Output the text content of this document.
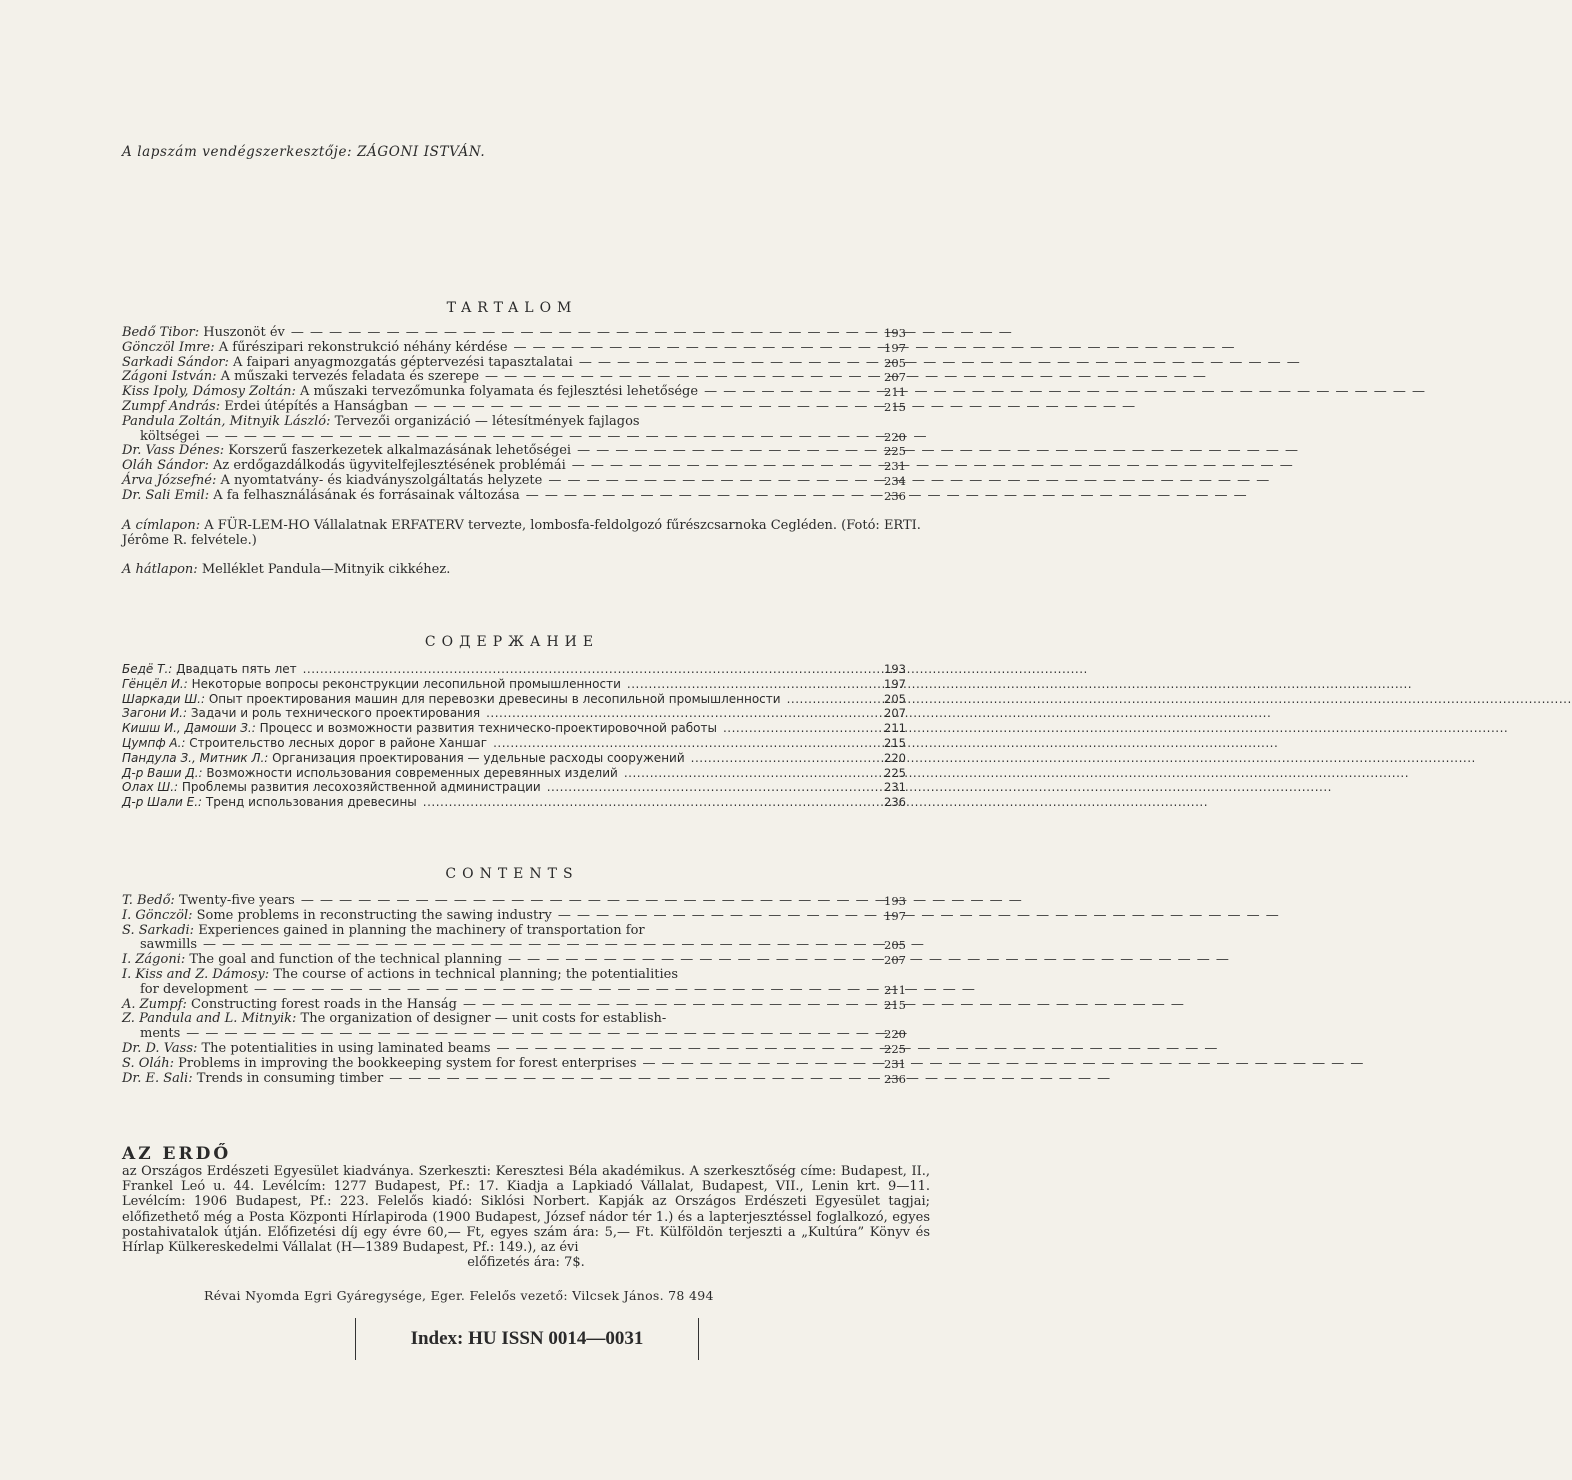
A lapszám vendégszerkesztője: ZÁGONI ISTVÁN.
TARTALOM
Bedő Tibor: Huszonöt év — — —	193
Gönczöl Imre: A fűrészipari rekonstrukció néhány kérdése — — —	197
Sarkadi Sándor: A faipari anyagmozgatás géptervezési tapasztalatai — — —	205
Zágoni István: A műszaki tervezés feladata és szerepe — — —	207
Kiss Ipoly, Dámosy Zoltán: A műszaki tervezőmunka folyamata és fejlesztési lehetősége — — —	211
Zumpf András: Erdei útépítés a Hanságban — — —	215
Pandula Zoltán, Mitnyik László: Tervezői organizáció — létesítmények fajlagos
költségei — — —	220
Dr. Vass Dénes: Korszerű faszerkezetek alkalmazásának lehetőségei — — —	225
Oláh Sándor: Az erdőgazdálkodás ügyvitelfejlesztésének problémái — — —	231
Árva Józsefné: A nyomtatvány- és kiadványszolgáltatás helyzete — — —	234
Dr. Sali Emil: A fa felhasználásának és forrásainak változása — — —	236
A címlapon: A FÜR-LEM-HO Vállalatnak ERFATERV tervezte, lombosfa-feldolgozó fűrészcsarnoka Cegléden. (Fotó: ERTI. Jérôme R. felvétele.)
A hátlapon: Melléklet Pandula—Mitnyik cikkéhez.
СОДЕРЖАНИЕ
Бедё Т.: Двадцать пять лет .....	193
Гёнцёл И.: Некоторые вопросы реконструкции лесопильной промышленности .....	197
Шаркади Ш.: Опыт проектирования машин для перевозки древесины в лесопильной промышленности .....	205
Загони И.: Задачи и роль технического проектирования .....	207
Кишш И., Дамоши З.: Процесс и возможности развития техническо-проектировочной работы .....	211
Цумпф А.: Строительство лесных дорог в районе Ханшаг .....	215
Пандула З., Митник Л.: Организация проектирования — удельные расходы сооружений .....	220
Д-р Ваши Д.: Возможности использования современных деревянных изделий .....	225
Олах Ш.: Проблемы развития лесохозяйственной администрации .....	231
Д-р Шали Е.: Тренд использования древесины .....	236
CONTENTS
T. Bedő: Twenty-five years — — —	193
I. Gönczöl: Some problems in reconstructing the sawing industry — — —	197
S. Sarkadi: Experiences gained in planning the machinery of transportation for
sawmills — — —	205
I. Zágoni: The goal and function of the technical planning — — —	207
I. Kiss and Z. Dámosy: The course of actions in technical planning; the potentialities
for development — — —	211
A. Zumpf: Constructing forest roads in the Hanság — — —	215
Z. Pandula and L. Mitnyik: The organization of designer — unit costs for establish-
ments — — —	220
Dr. D. Vass: The potentialities in using laminated beams — — —	225
S. Oláh: Problems in improving the bookkeeping system for forest enterprises — — —	231
Dr. E. Sali: Trends in consuming timber — — —	236
AZ ERDŐ
az Országos Erdészeti Egyesület kiadványa. Szerkeszti: Keresztesi Béla akadémikus. A szerkesztőség címe: Budapest, II., Frankel Leó u. 44. Levélcím: 1277 Budapest, Pf.: 17. Kiadja a Lapkiadó Vállalat, Budapest, VII., Lenin krt. 9—11. Levélcím: 1906 Budapest, Pf.: 223. Felelős kiadó: Siklósi Norbert. Kapják az Országos Erdészeti Egyesület tagjai; előfizethető még a Posta Központi Hírlapiroda (1900 Budapest, József nádor tér 1.) és a lapterjesztéssel foglalkozó, egyes postahivatalok útján. Előfizetési díj egy évre 60,— Ft, egyes szám ára: 5,— Ft. Külföldön terjeszti a „Kultúra” Könyv és Hírlap Külkereskedelmi Vállalat (H—1389 Budapest, Pf.: 149.), az évi
előfizetés ára: 7$.
Révai Nyomda Egri Gyáregysége, Eger. Felelős vezető: Vilcsek János. 78 494
Index: HU ISSN 0014—0031
